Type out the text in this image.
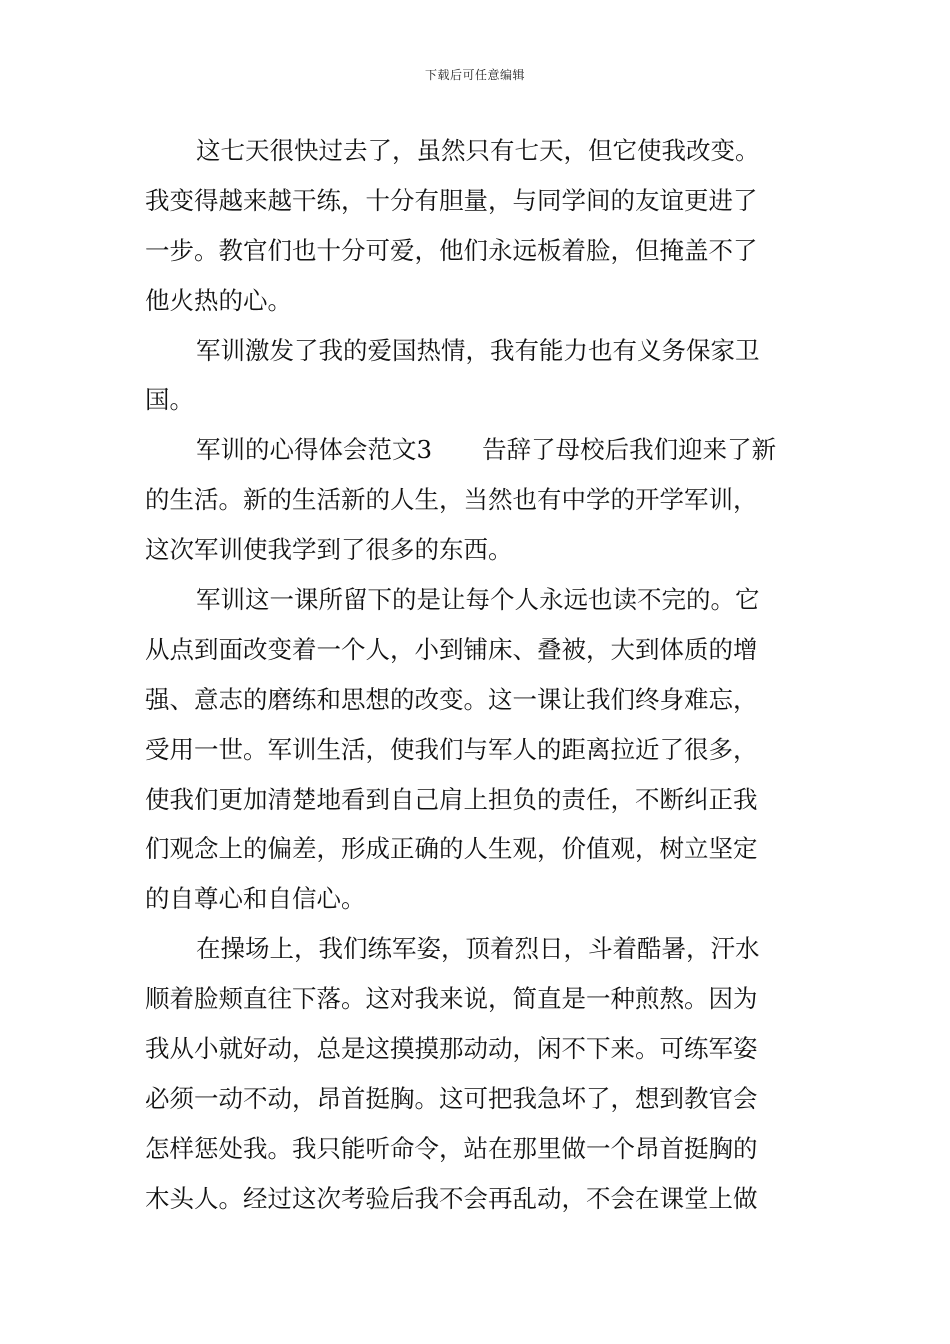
下载后可任意编辑
这七天很快过去了，虽然只有七天，但它使我改变。
我变得越来越干练，十分有胆量，与同学间的友谊更进了
一步。教官们也十分可爱，他们永远板着脸，但掩盖不了
他火热的心。
军训激发了我的爱国热情，我有能力也有义务保家卫
国。
军训的心得体会范文3 告辞了母校后我们迎来了新
的生活。新的生活新的人生，当然也有中学的开学军训，
这次军训使我学到了很多的东西。
军训这一课所留下的是让每个人永远也读不完的。它
从点到面改变着一个人，小到铺床、叠被，大到体质的增
强、意志的磨练和思想的改变。这一课让我们终身难忘，
受用一世。军训生活，使我们与军人的距离拉近了很多，
使我们更加清楚地看到自己肩上担负的责任，不断纠正我
们观念上的偏差，形成正确的人生观，价值观，树立坚定
的自尊心和自信心。
在操场上，我们练军姿，顶着烈日，斗着酷暑，汗水
顺着脸颊直往下落。这对我来说，简直是一种煎熬。因为
我从小就好动，总是这摸摸那动动，闲不下来。可练军姿
必须一动不动，昂首挺胸。这可把我急坏了，想到教官会
怎样惩处我。我只能听命令，站在那里做一个昂首挺胸的
木头人。经过这次考验后我不会再乱动，不会在课堂上做
